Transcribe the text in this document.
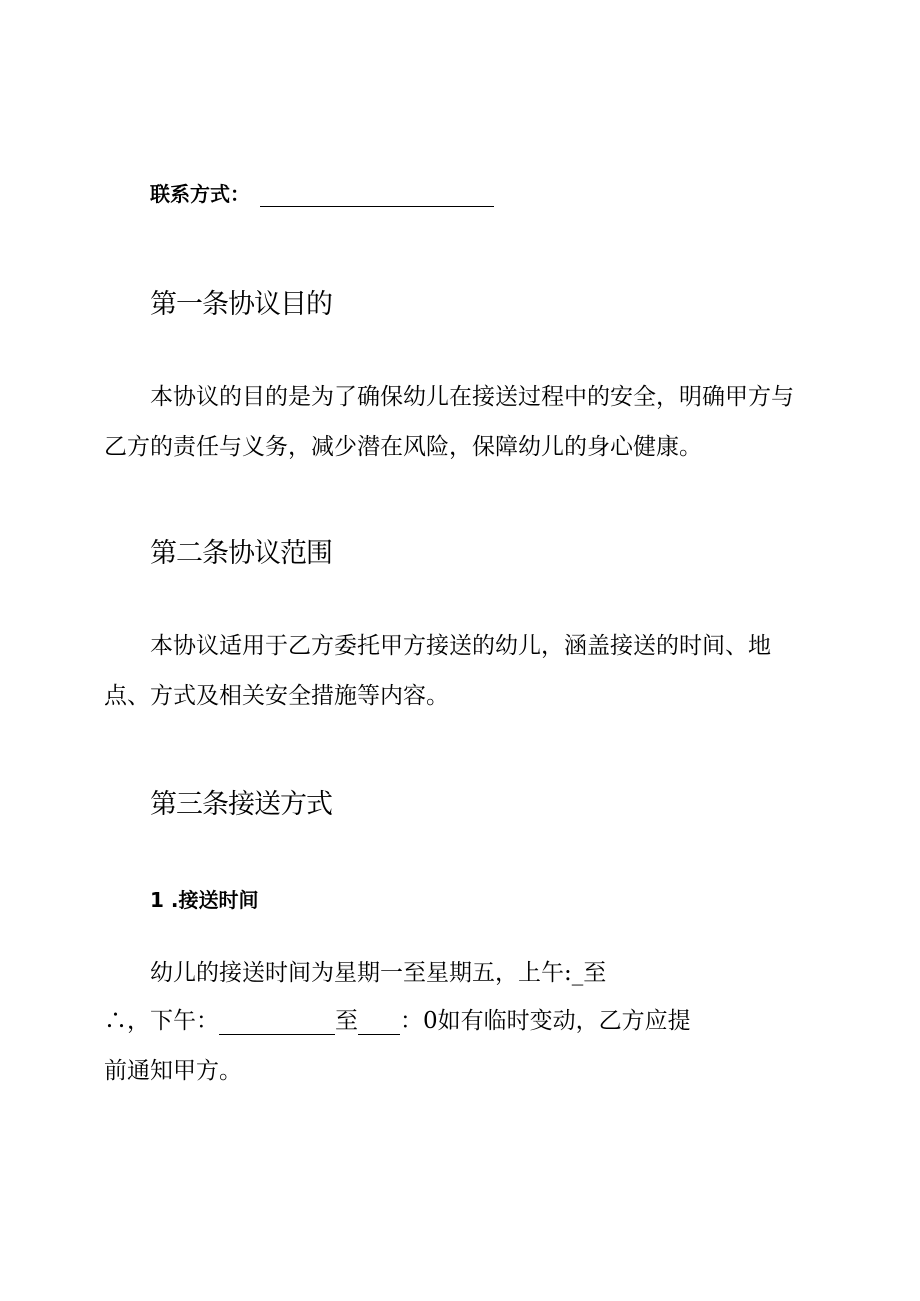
联系方式：
第一条协议目的
本协议的目的是为了确保幼儿在接送过程中的安全，明确甲方与
乙方的责任与义务，减少潜在风险，保障幼儿的身心健康。
第二条协议范围
本协议适用于乙方委托甲方接送的幼儿，涵盖接送的时间、地
点、方式及相关安全措施等内容。
第三条接送方式
1 .接送时间
幼儿的接送时间为星期一至星期五，上午:_至
∴，下午：	至 ：0如有临时变动，乙方应提
前通知甲方。
